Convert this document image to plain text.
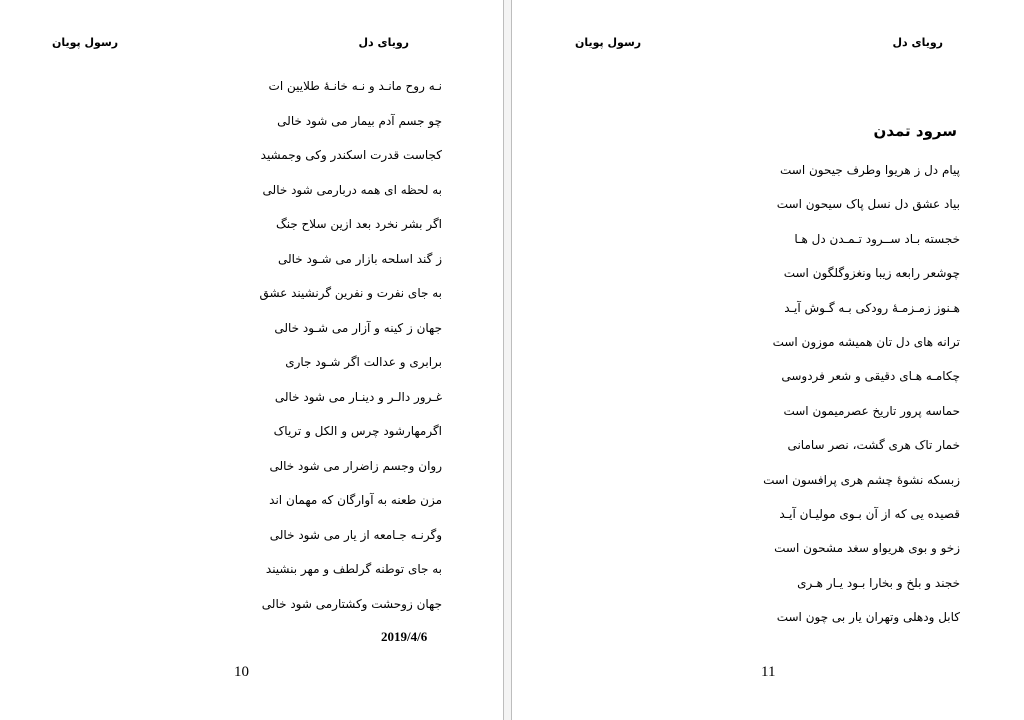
رویای دل
رسول پویان
نـه روح مانـد و نـه خانـهٔ طلایین ات
چو جسم آدم بیمار می شود خالی
کجاست قدرت اسکندر وکی وجمشید
به لحظه ای همه دربارمی شود خالی
اگر بشر نخرد بعد ازین سلاح جنگ
ز گند اسلحه بازار می شـود خالی
به جای نفرت و نفرین گرنشیند عشق
جهان ز کینه و آزار می شـود خالی
برابری و عدالت اگر شـود جاری
غـرور دالـر و دینـار می شود خالی
اگرمهارشود چرس و الکل و تریاک
روان وجسم زاضرار می شود خالی
مزن طعنه به آوارگان که مهمان اند
وگرنـه جـامعه از یار می شود خالی
به جای توطنه گرلطف و مهر بنشیند
جهان زوحشت وکشتارمی شود خالی
2019/4/6
10
رویای دل
رسول پویان
سرود تمدن
پیام دل ز هریوا وطرف جیحون است
بیاد عشق دل نسل پاک سیحون است
خجسته بـاد ســرود تـمـدن دل هـا
چوشعر رابعه زیبا ونغزوگلگون است
هـنوز زمـزمـهٔ رودکی بـه گـوش آیـد
ترانه های دل تان همیشه موزون است
چکامـه هـای دقیقی و شعر فردوسی
حماسه پرور تاریخ عصرمیمون است
خمار تاک هری گشت، نصر سامانی
زبسکه نشوهٔ چشم هری پرافسون است
قصیده یی که از آن بـوی مولیـان آیـد
زخو و بوی هریواو سغد مشحون است
خجند و بلخ و بخارا بـود یـار هـری
کابل ودهلی وتهران یار بی چون است
11
